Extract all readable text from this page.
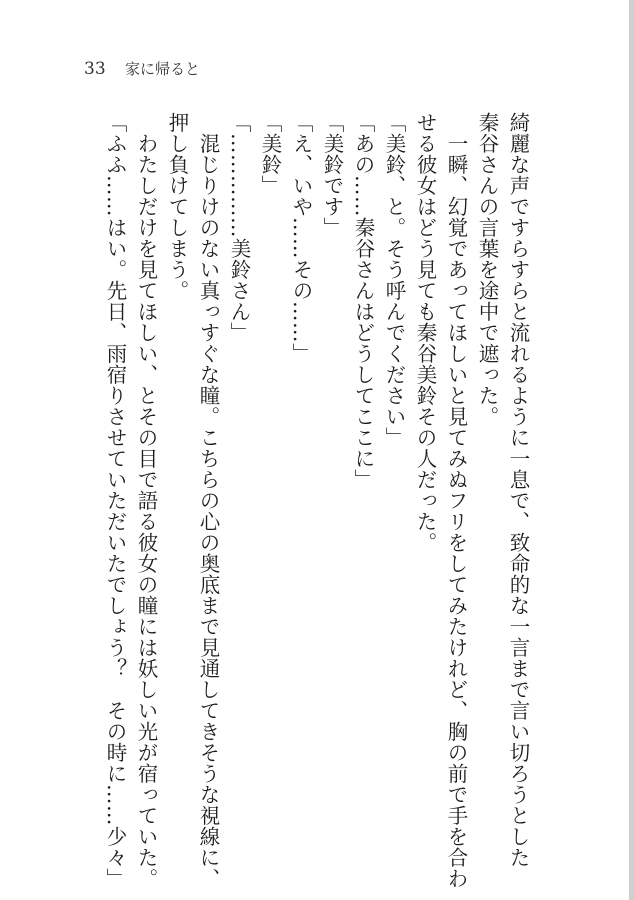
33 家に帰ると

綺麗な声ですらすらと流れるように一息で、致命的な一言まで言い切ろうとした

秦谷さんの言葉を途中で遮った。

一瞬、幻覚であってほしいと見てみぬフリをしてみたけれど、胸の前で手を合わ

せる彼女はどう見ても秦谷美鈴その人だった。

「美鈴、と。そう呼んでください」

「あの……秦谷さんはどうしてここに」

「美鈴です」

「え、いや……その……」

「美鈴」

「……………美鈴さん」

混じりけのない真っすぐな瞳。こちらの心の奥底まで見通してきそうな視線に、

押し負けてしまう。

わたしだけを見てほしい、とその目で語る彼女の瞳には妖しい光が宿っていた。

「ふふ……はい。先日、雨宿りさせていただいたでしょう？　その時に……少々」
